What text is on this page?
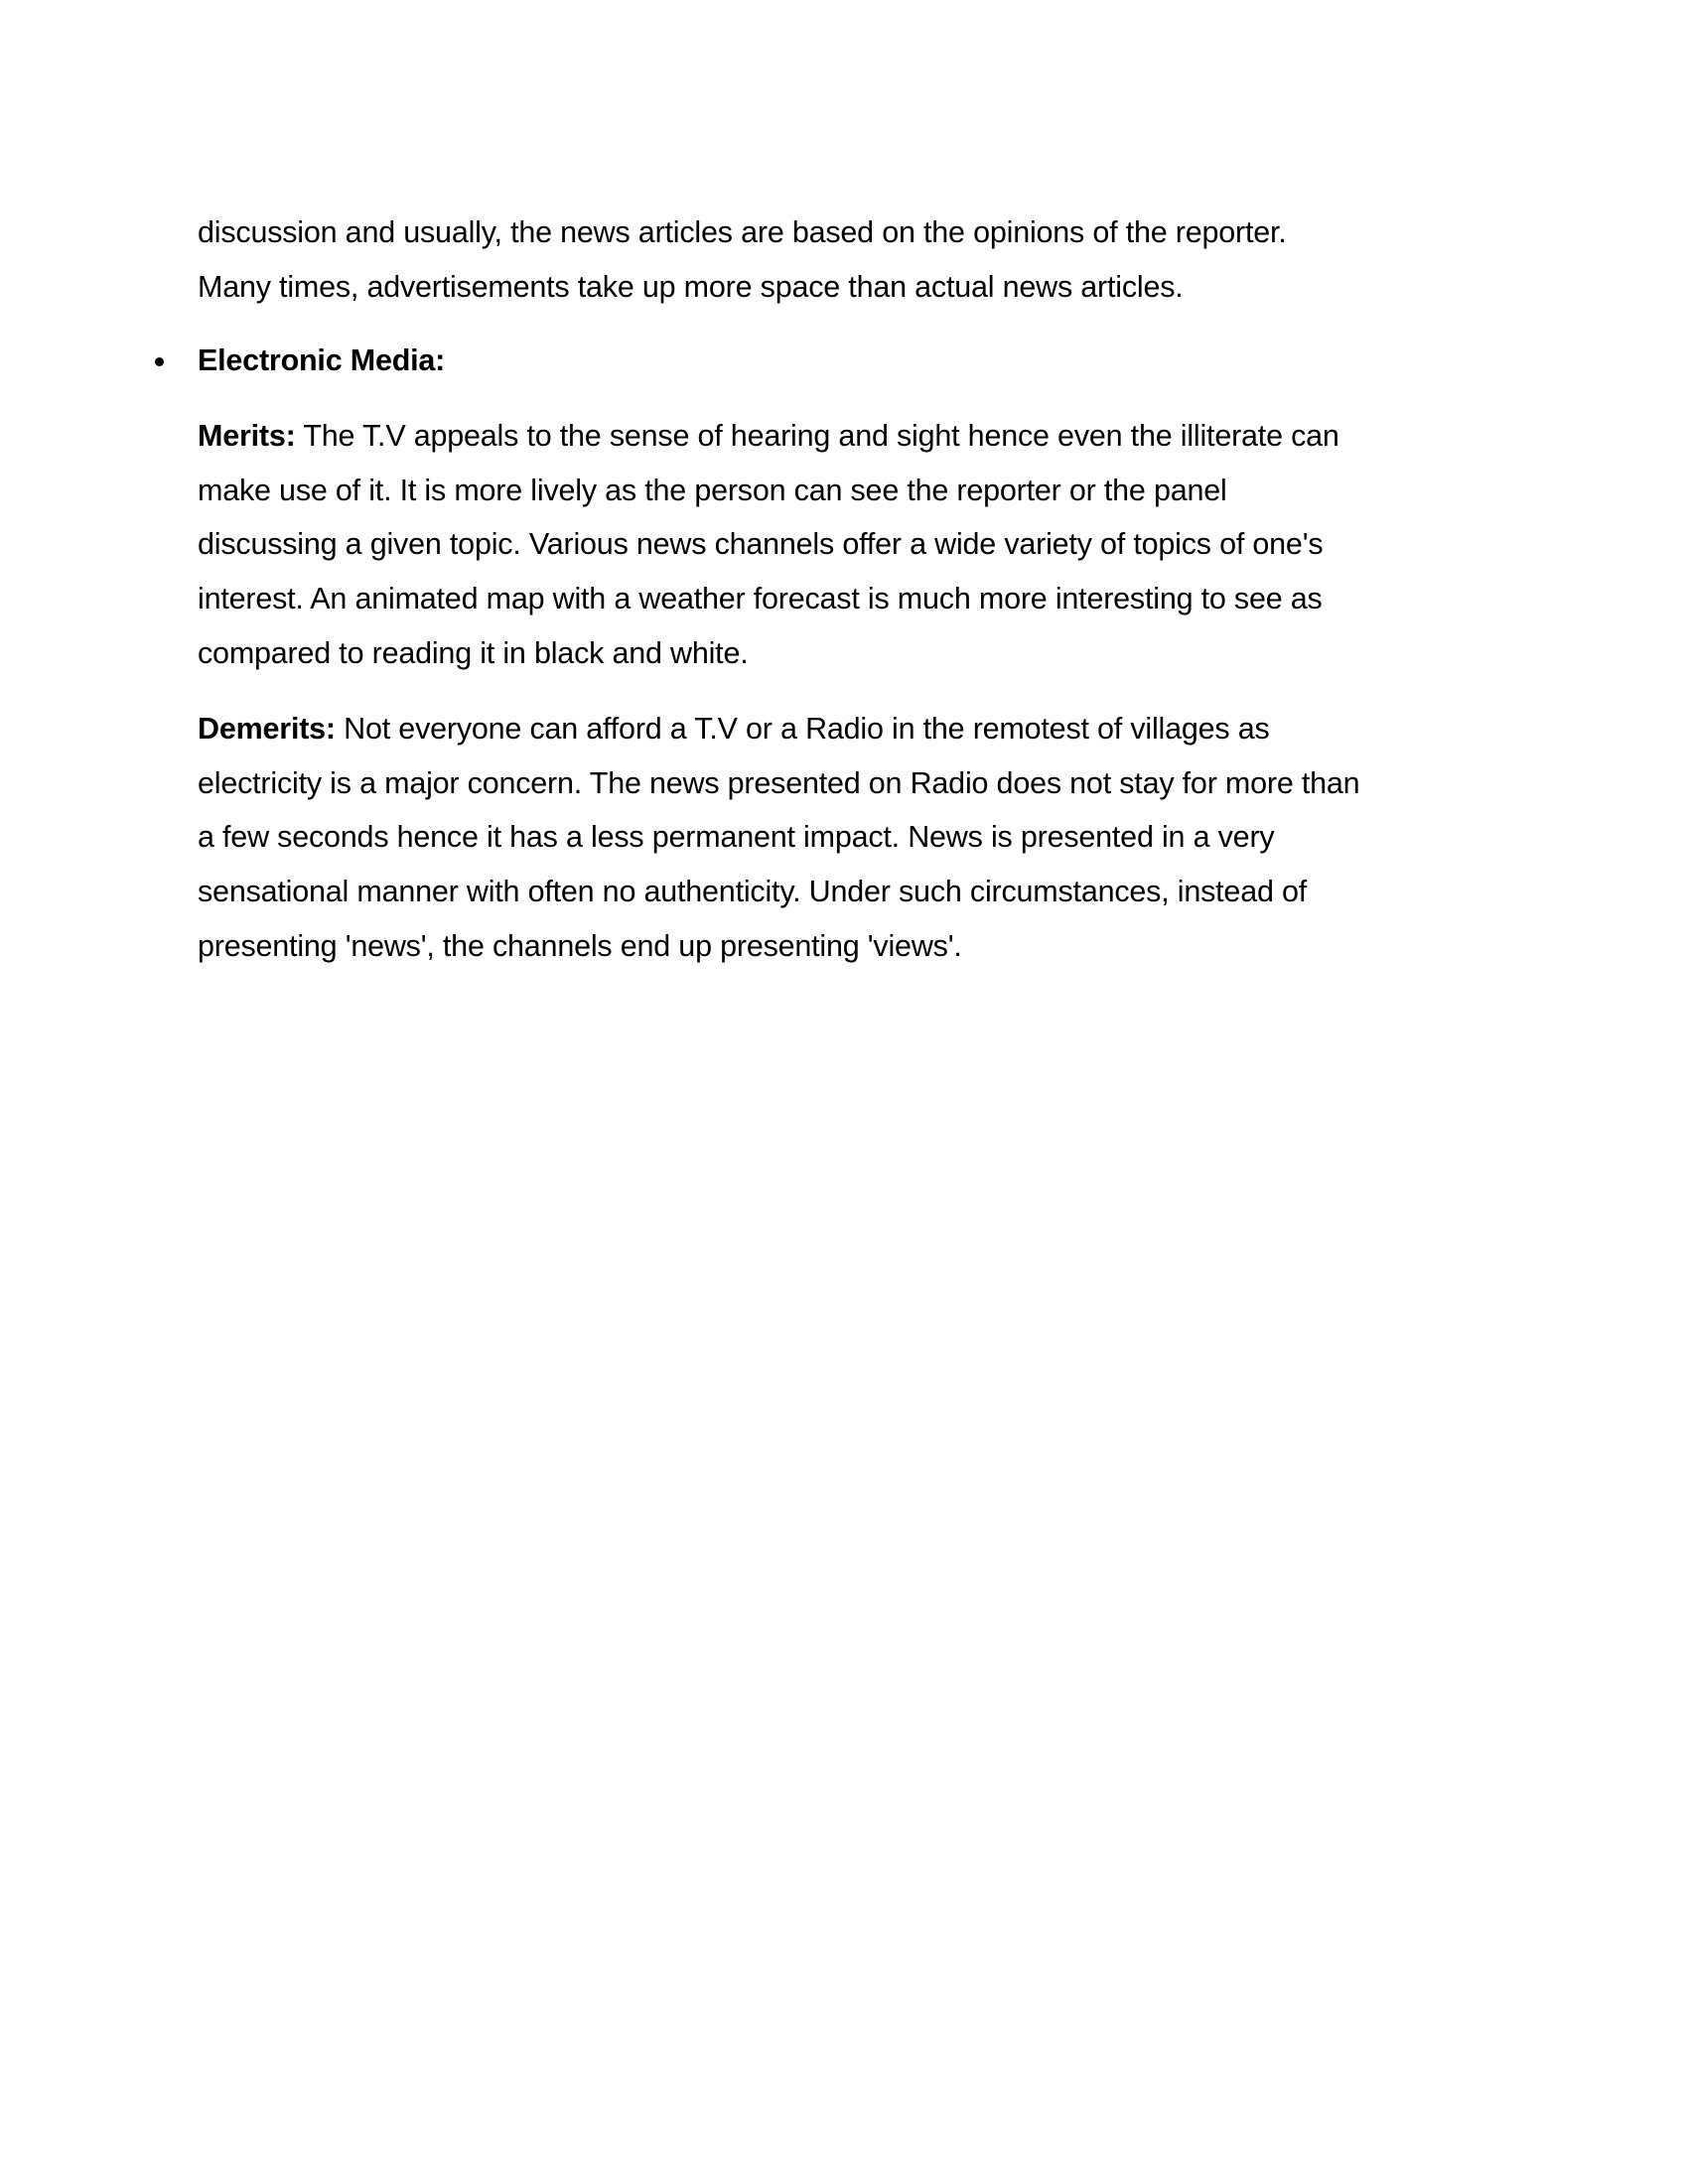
discussion and usually, the news articles are based on the opinions of the reporter.
Many times, advertisements take up more space than actual news articles.
Electronic Media:
Merits: The T.V appeals to the sense of hearing and sight hence even the illiterate can
make use of it. It is more lively as the person can see the reporter or the panel
discussing a given topic. Various news channels offer a wide variety of topics of one's
interest. An animated map with a weather forecast is much more interesting to see as
compared to reading it in black and white.
Demerits: Not everyone can afford a T.V or a Radio in the remotest of villages as
electricity is a major concern. The news presented on Radio does not stay for more than
a few seconds hence it has a less permanent impact. News is presented in a very
sensational manner with often no authenticity. Under such circumstances, instead of
presenting 'news', the channels end up presenting 'views'.
